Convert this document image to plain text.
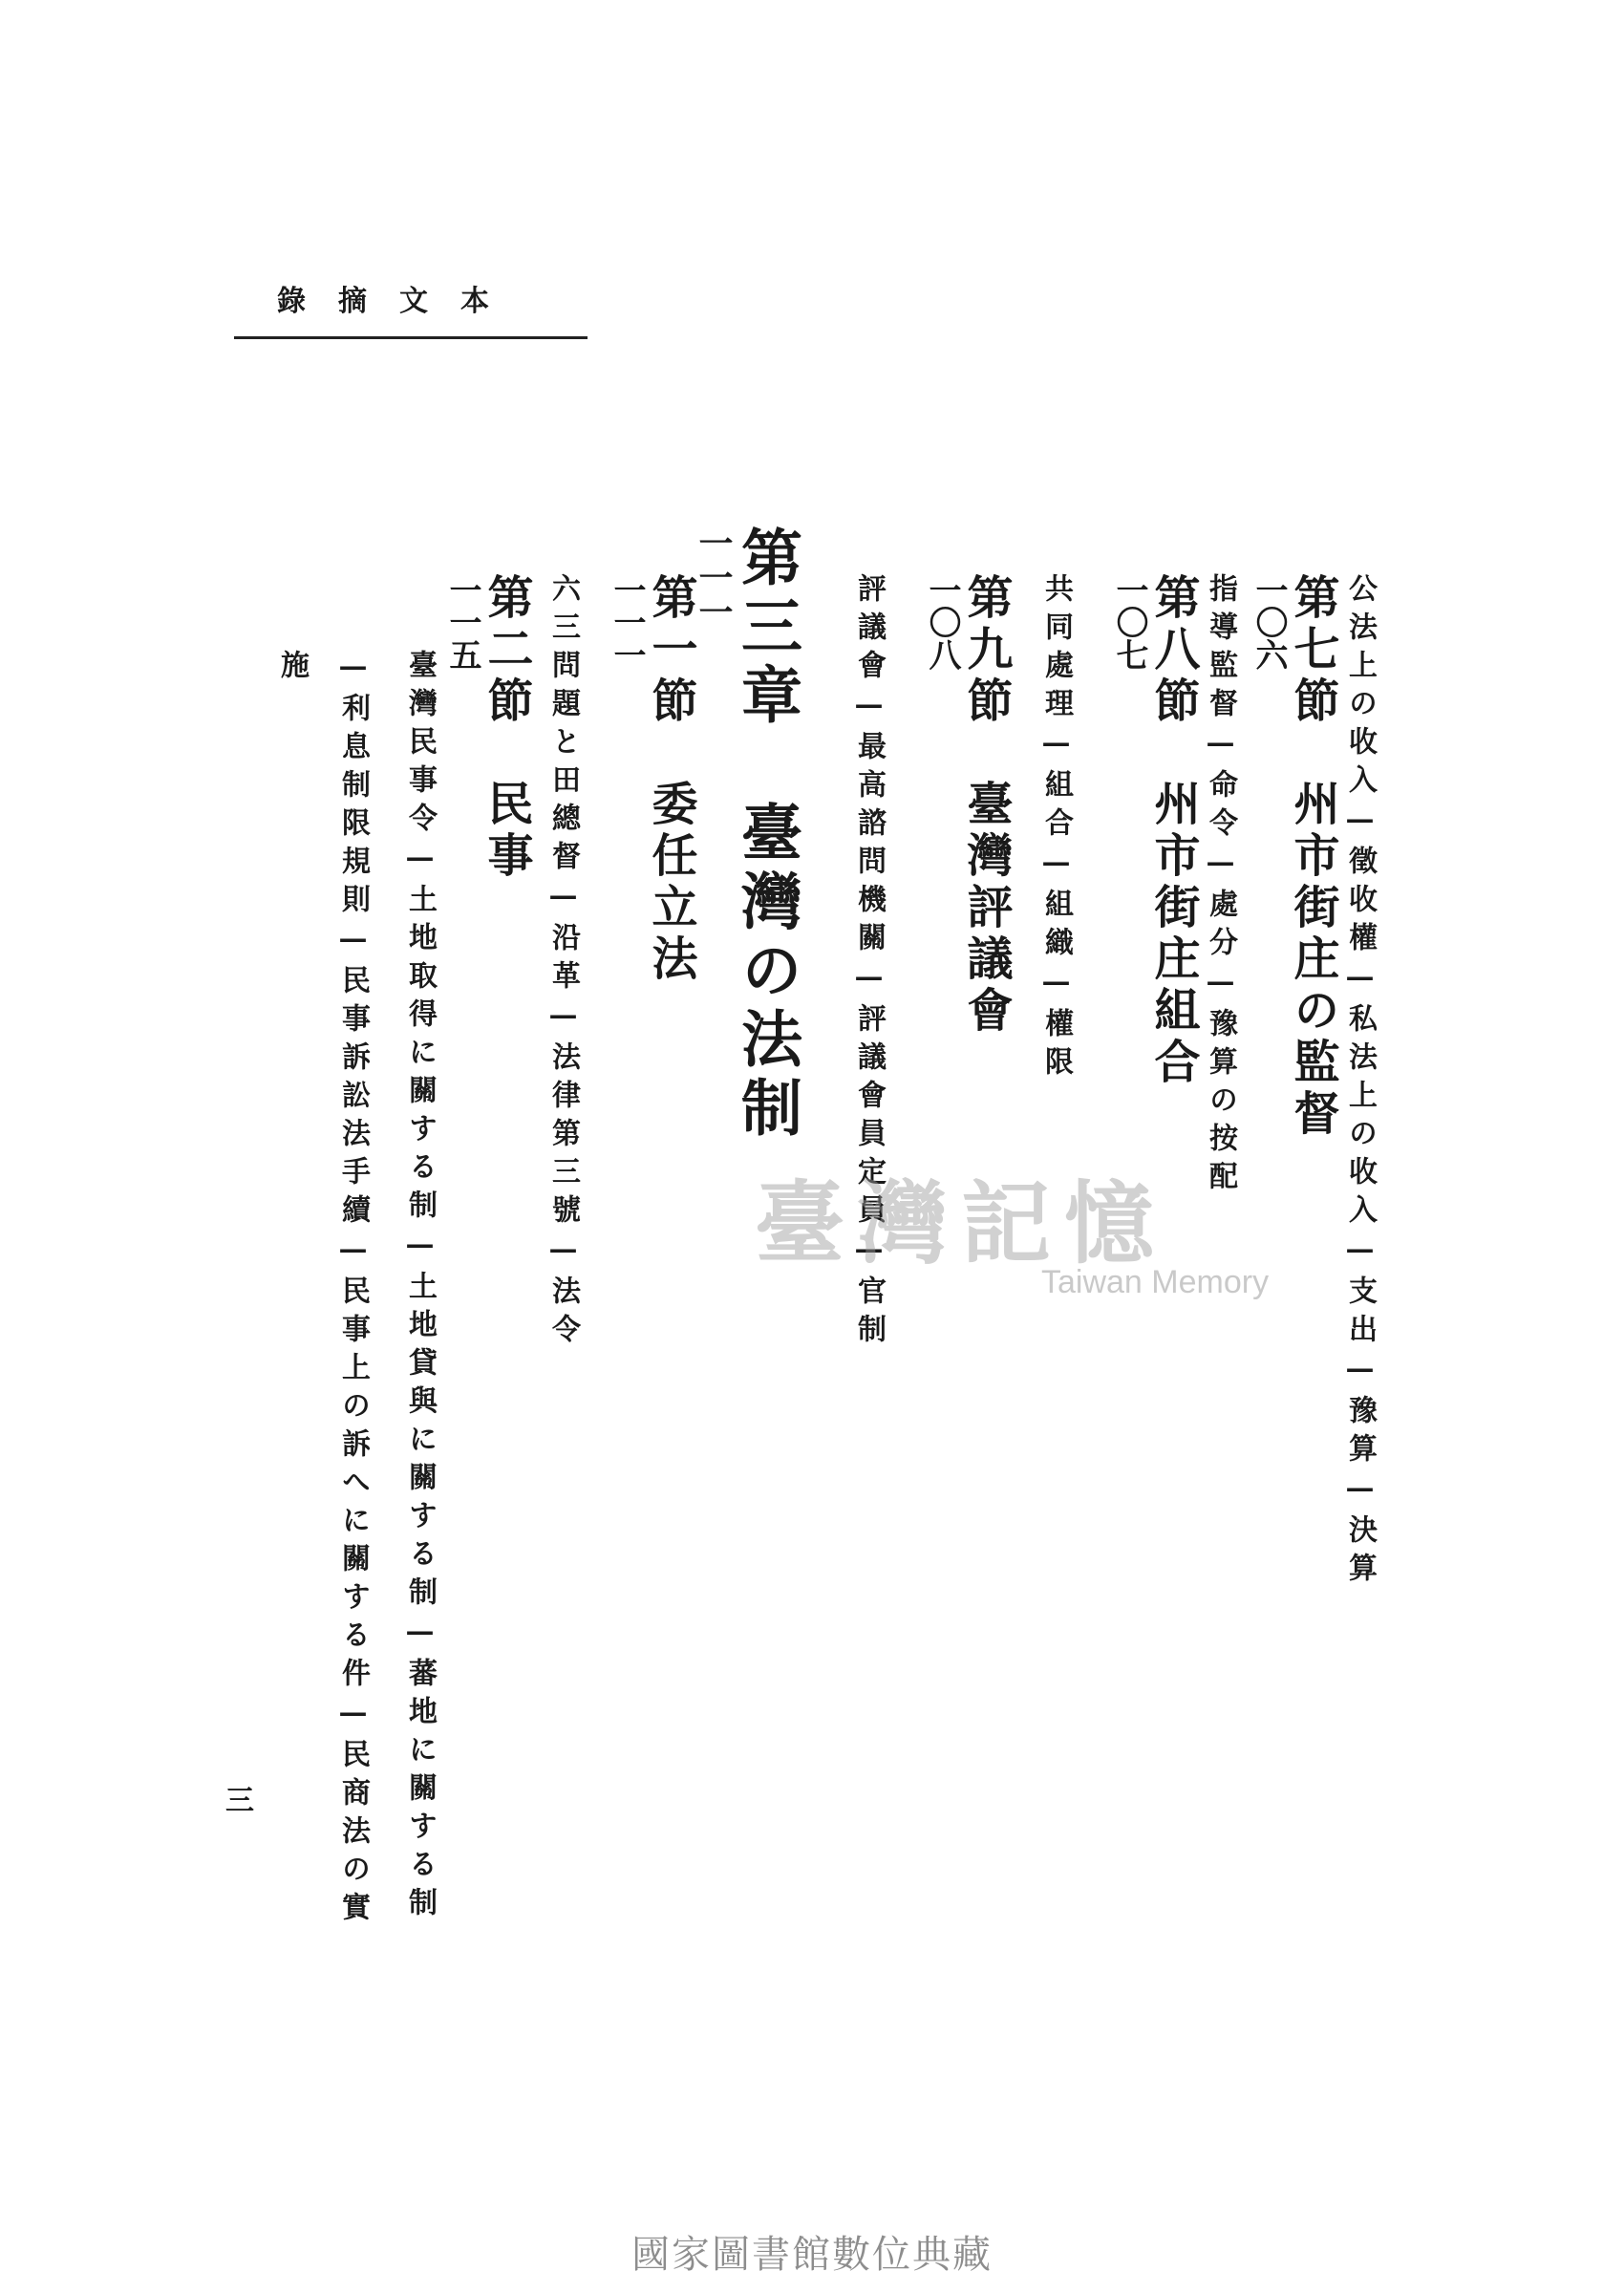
本文摘錄
公法上の收入—徵收權—私法上の收入—支出—豫算—決算
第七節　州市街庄の監督
一〇六
指導監督—命令—處分—豫算の按配
第八節　州市街庄組合
一〇七
共同處理—組合—組織—權限
第九節　臺灣評議會
一〇八
評議會—最高諮問機關—評議會員定員—官制
第三章　臺灣の法制
一一一
第一節　委任立法
一一一
六三問題と田總督—沿革—法律第三號—法令
第二節　民事
一一五
臺灣民事令—土地取得に關する制—土地貸與に關する制—蕃地に關する制
—利息制限規則—民事訴訟法手續—民事上の訴へに關する件—民商法の實
施
三
臺灣記憶
Taiwan Memory
國家圖書館數位典藏
